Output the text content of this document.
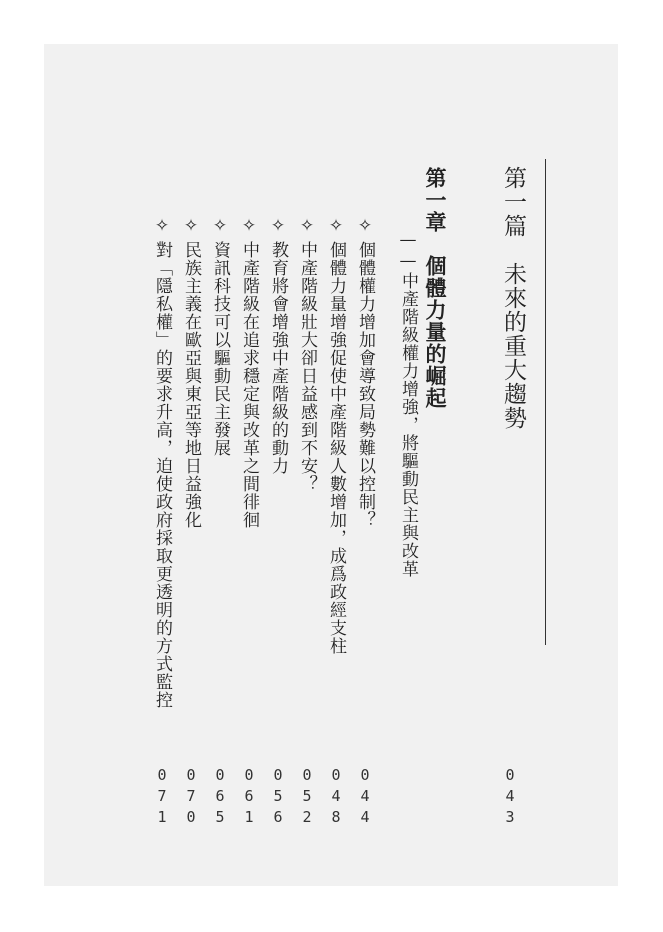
第一篇　未來的重大趨勢
043
第一章　個體力量的崛起
——中產階級權力增強，將驅動民主與改革
✧個體權力增加會導致局勢難以控制？
044
✧個體力量增強促使中產階級人數增加，成爲政經支柱
048
✧中產階級壯大卻日益感到不安？
052
✧教育將會增強中產階級的動力
056
✧中產階級在追求穩定與改革之間徘徊
061
✧資訊科技可以驅動民主發展
065
✧民族主義在歐亞與東亞等地日益強化
070
✧對「隱私權」的要求升高，迫使政府採取更透明的方式監控
071
